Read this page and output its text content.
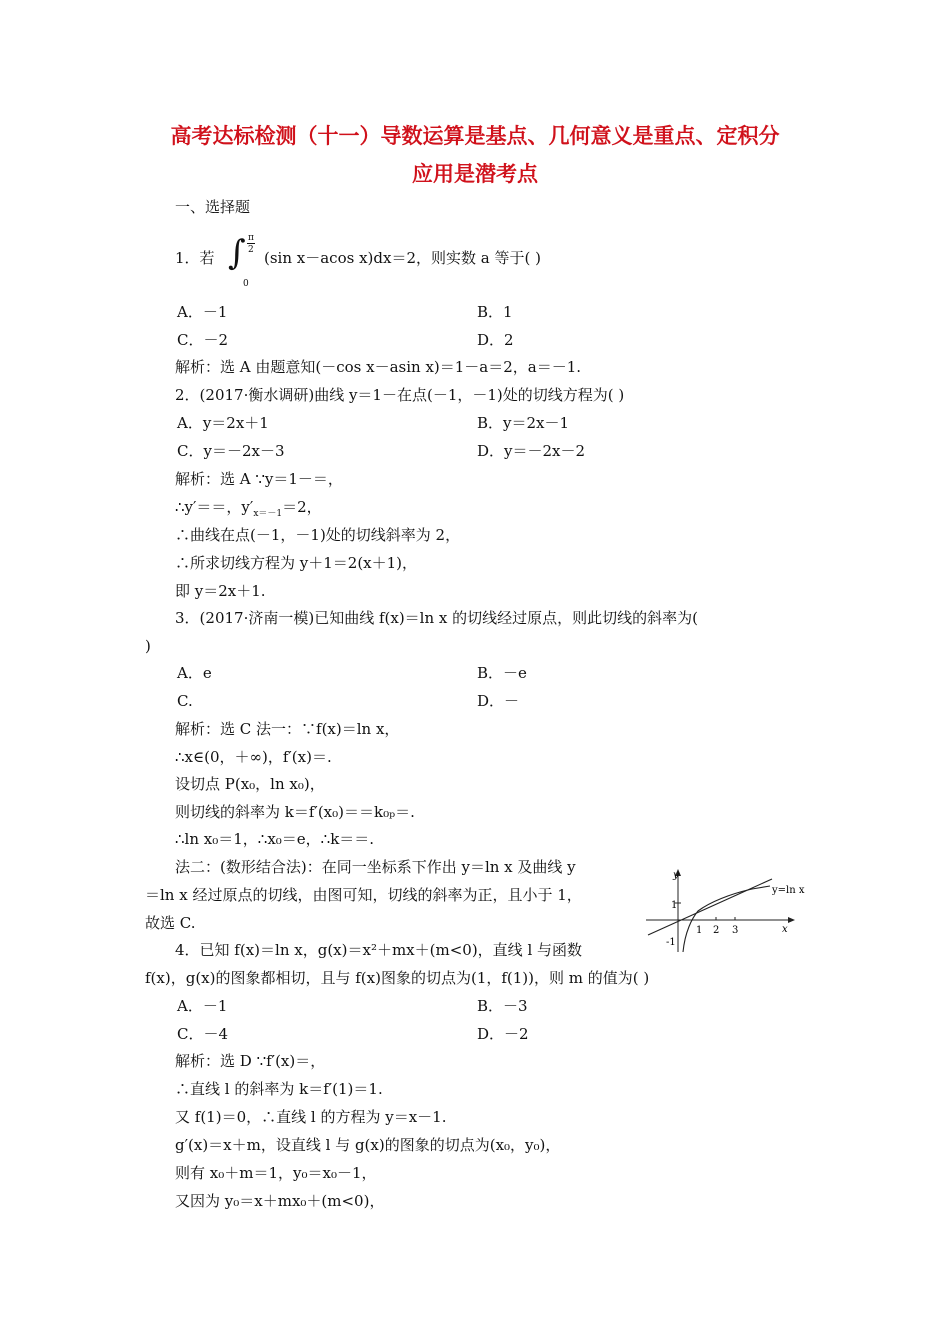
高考达标检测（十一）导数运算是基点、几何意义是重点、定积分
应用是潜考点
一、选择题
1．若 ∫ π
2
0
(sin x－acos x)dx＝2，则实数 a 等于( )
A．－1	B．1
C．－2	D．2
解析：选 A 由题意知(－cos x－asin x)＝1－a＝2，a＝－1.
2．(2017·衡水调研)曲线 y＝1－在点(－1，－1)处的切线方程为( )
A．y＝2x＋1	B．y＝2x－1
C．y＝－2x－3	D．y＝－2x－2
解析：选 A ∵y＝1－＝，
∴y′＝＝，$y'_{x=-1}=2$，
∴曲线在点(－1，－1)处的切线斜率为 2，
∴所求切线方程为 y＋1＝2(x＋1)，
即 y＝2x＋1.
3．(2017·济南一模)已知曲线 f(x)＝ln x 的切线经过原点，则此切线的斜率为(
)
A．e	B．－e
C.	D．－
解析：选 C 法一：∵f(x)＝ln x，
∴x∈(0，＋∞)，f′(x)＝.
设切点 P(x₀，ln x₀)，
则切线的斜率为 k＝f′(x₀)＝＝k₀ₚ＝.
∴ln x₀＝1，∴x₀＝e，∴k＝＝.
法二：(数形结合法)：在同一坐标系下作出 y＝ln x 及曲线 y
＝ln x 经过原点的切线，由图可知，切线的斜率为正，且小于 1，
故选 C.
y
x
y=ln x
1
-1
1 2 3
4．已知 f(x)＝ln x，g(x)＝x²＋mx＋(m<0)，直线 l 与函数
f(x)，g(x)的图象都相切，且与 f(x)图象的切点为(1，f(1))，则 m 的值为( )
A．－1	B．－3
C．－4	D．－2
解析：选 D ∵f′(x)＝，
∴直线 l 的斜率为 k＝f′(1)＝1.
又 f(1)＝0，∴直线 l 的方程为 y＝x－1.
g′(x)＝x＋m，设直线 l 与 g(x)的图象的切点为(x₀，y₀)，
则有 x₀＋m＝1，y₀＝x₀－1，
又因为 y₀＝x＋mx₀＋(m<0)，
